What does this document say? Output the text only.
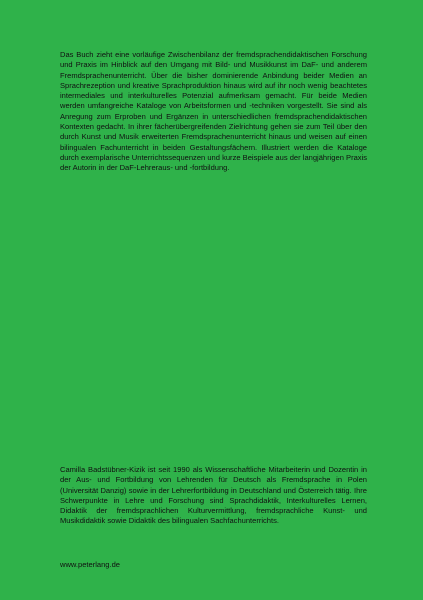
Das Buch zieht eine vorläufige Zwischenbilanz der fremdsprachendidaktischen Forschung und Praxis im Hinblick auf den Umgang mit Bild- und Musikkunst im DaF- und anderem Fremdsprachenunterricht. Über die bisher dominierende Anbindung beider Medien an Sprachrezeption und kreative Sprachproduktion hinaus wird auf ihr noch wenig beachtetes intermediales und interkulturelles Potenzial aufmerksam gemacht. Für beide Medien werden umfangreiche Kataloge von Arbeitsformen und -techniken vorgestellt. Sie sind als Anregung zum Erproben und Ergänzen in unterschiedlichen fremdsprachendidaktischen Kontexten gedacht. In ihrer fächerübergreifenden Zielrichtung gehen sie zum Teil über den durch Kunst und Musik erweiterten Fremdsprachenunterricht hinaus und weisen auf einen bilingualen Fachunterricht in beiden Gestaltungsfächern. Illustriert werden die Kataloge durch exemplarische Unterrichtssequenzen und kurze Beispiele aus der langjährigen Praxis der Autorin in der DaF-Lehreraus- und -fortbildung.

Camilla Badstübner-Kizik ist seit 1990 als Wissenschaftliche Mitarbeiterin und Dozentin in der Aus- und Fortbildung von Lehrenden für Deutsch als Fremdsprache in Polen (Universität Danzig) sowie in der Lehrerfortbildung in Deutschland und Österreich tätig. Ihre Schwerpunkte in Lehre und Forschung sind Sprachdidaktik, Interkulturelles Lernen, Didaktik der fremdsprachlichen Kulturvermittlung, fremdsprachliche Kunst- und Musikdidaktik sowie Didaktik des bilingualen Sachfachunterrichts.

www.peterlang.de
